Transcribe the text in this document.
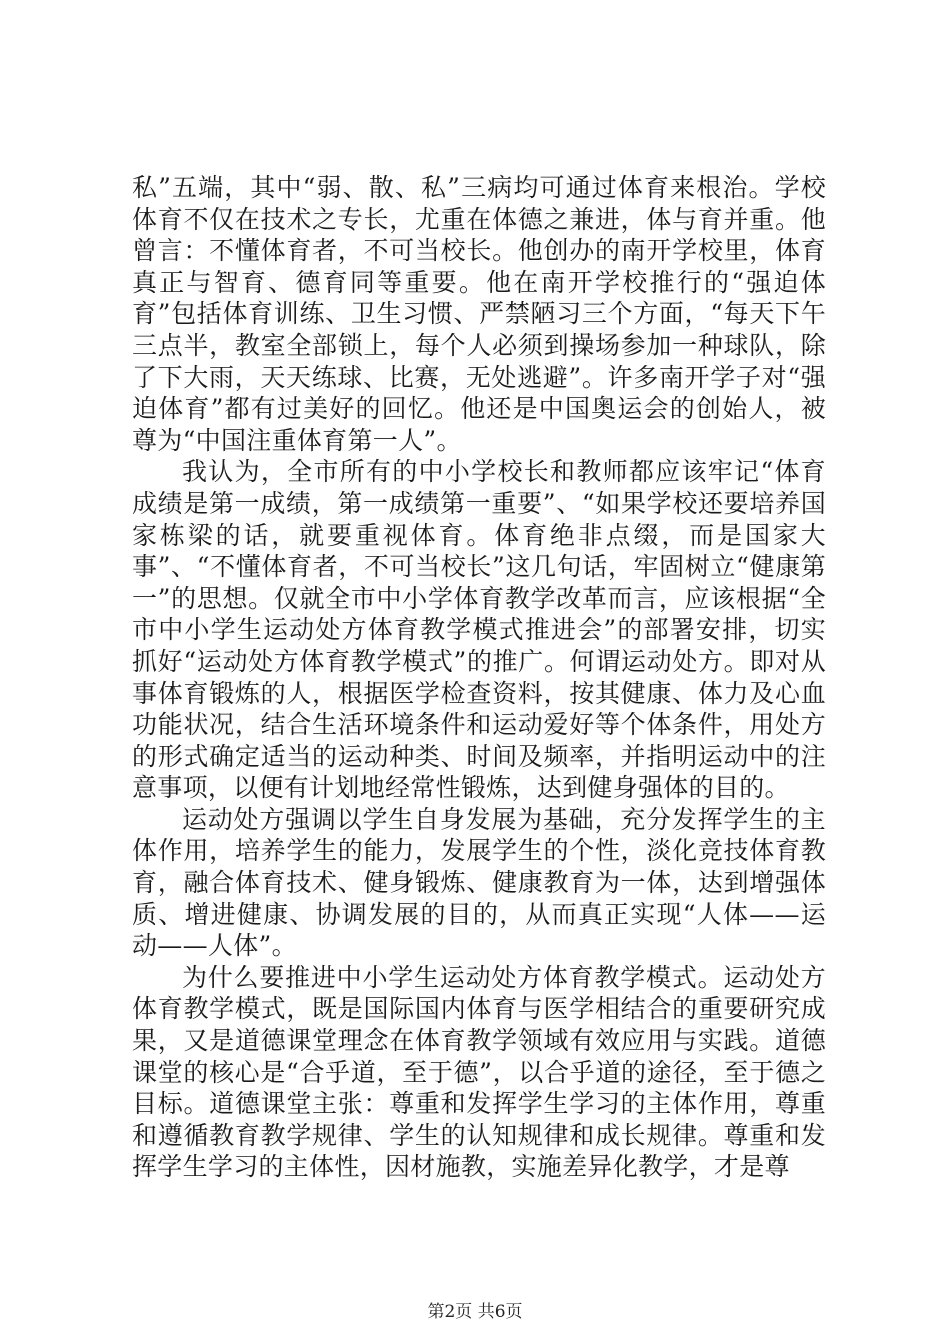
私”五端，其中“弱、散、私”三病均可通过体育来根治。学校体育不仅在技术之专长，尤重在体德之兼进，体与育并重。他曾言：不懂体育者，不可当校长。他创办的南开学校里，体育真正与智育、德育同等重要。他在南开学校推行的“强迫体育”包括体育训练、卫生习惯、严禁陋习三个方面，“每天下午三点半，教室全部锁上，每个人必须到操场参加一种球队，除了下大雨，天天练球、比赛，无处逃避”。许多南开学子对“强迫体育”都有过美好的回忆。他还是中国奥运会的创始人，被尊为“中国注重体育第一人”。

我认为，全市所有的中小学校长和教师都应该牢记“体育成绩是第一成绩，第一成绩第一重要”、“如果学校还要培养国家栋梁的话，就要重视体育。体育绝非点缀，而是国家大事”、“不懂体育者，不可当校长”这几句话，牢固树立“健康第一”的思想。仅就全市中小学体育教学改革而言，应该根据“全市中小学生运动处方体育教学模式推进会”的部署安排，切实抓好“运动处方体育教学模式”的推广。何谓运动处方。即对从事体育锻炼的人，根据医学检查资料，按其健康、体力及心血功能状况，结合生活环境条件和运动爱好等个体条件，用处方的形式确定适当的运动种类、时间及频率，并指明运动中的注意事项，以便有计划地经常性锻炼，达到健身强体的目的。

运动处方强调以学生自身发展为基础，充分发挥学生的主体作用，培养学生的能力，发展学生的个性，淡化竞技体育教育，融合体育技术、健身锻炼、健康教育为一体，达到增强体质、增进健康、协调发展的目的，从而真正实现“人体——运动——人体”。

为什么要推进中小学生运动处方体育教学模式。运动处方体育教学模式，既是国际国内体育与医学相结合的重要研究成果，又是道德课堂理念在体育教学领域有效应用与实践。道德课堂的核心是“合乎道，至于德”，以合乎道的途径，至于德之目标。道德课堂主张：尊重和发挥学生学习的主体作用，尊重和遵循教育教学规律、学生的认知规律和成长规律。尊重和发挥学生学习的主体性，因材施教，实施差异化教学，才是尊

第2页 共6页
